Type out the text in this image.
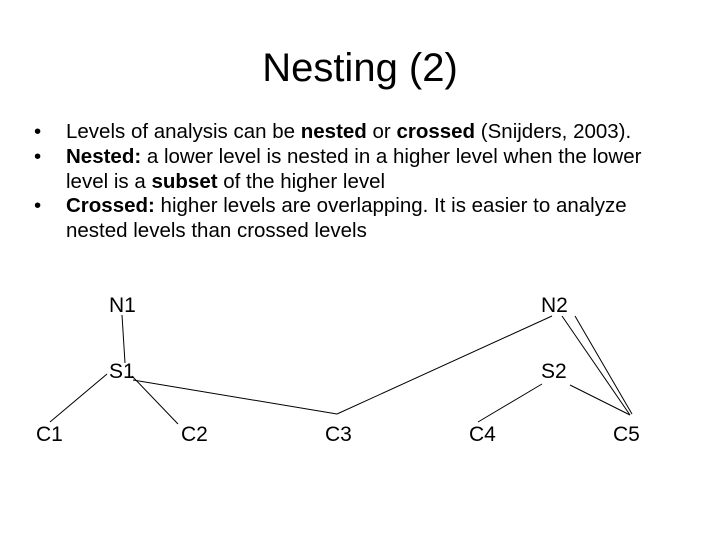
Nesting (2)
• Levels of analysis can be nested or crossed (Snijders, 2003).
• Nested: a lower level is nested in a higher level when the lower level is a subset of the higher level
• Crossed: higher levels are overlapping. It is easier to analyze nested levels than crossed levels
N1	N2
S1	S2
C1	C2	C3	C4	C5
